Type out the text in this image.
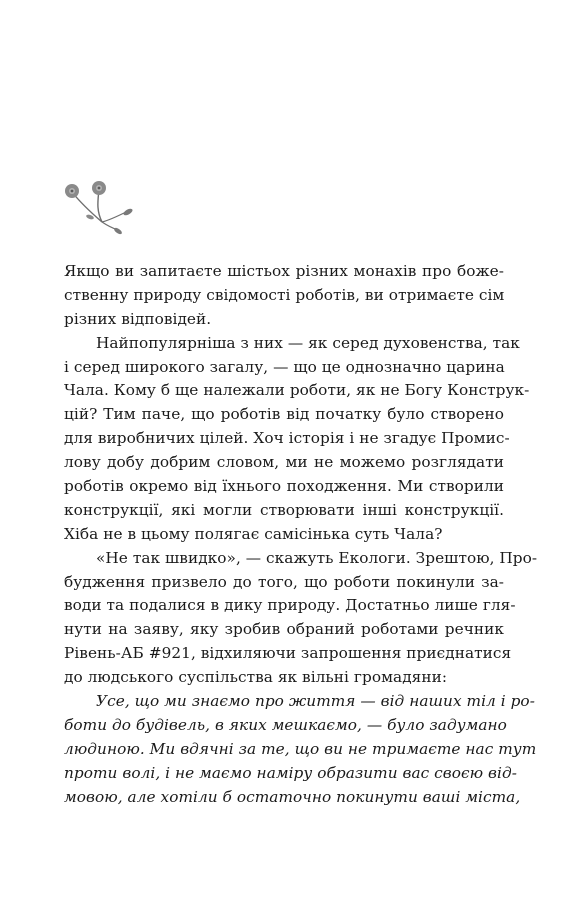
Якщо ви запитаєте шістьох різних монахів про боже-
ственну природу свідомості роботів, ви отримаєте сім
різних відповідей.
Найпопулярніша з них — як серед духовенства, так
і серед широкого загалу, — що це однозначно царина
Чала. Кому б ще належали роботи, як не Богу Конструк-
цій? Тим паче, що роботів від початку було створено
для виробничих цілей. Хоч історія і не згадує Промис-
лову добу добрим словом, ми не можемо розглядати
роботів окремо від їхнього походження. Ми створили
конструкції, які могли створювати інші конструкції.
Хіба не в цьому полягає самісінька суть Чала?
«Не так швидко», — скажуть Екологи. Зрештою, Про-
будження призвело до того, що роботи покинули за-
води та подалися в дику природу. Достатньо лише гля-
нути на заяву, яку зробив обраний роботами речник
Рівень-АБ #921, відхиляючи запрошення приєднатися
до людського суспільства як вільні громадяни:
Усе, що ми знаємо про життя — від наших тіл і ро-
боти до будівель, в яких мешкаємо, — було задумано
людиною. Ми вдячні за те, що ви не тримаєте нас тут
проти волі, і не маємо наміру образити вас своєю від-
мовою, але хотіли б остаточно покинути ваші міста,
